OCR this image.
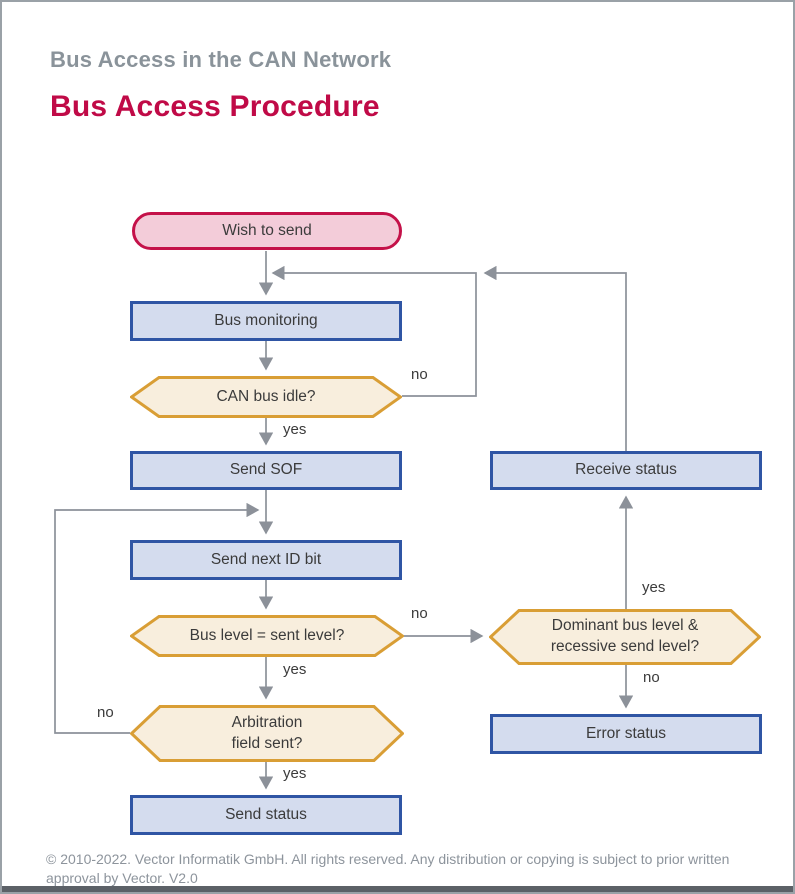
Bus Access in the CAN Network
Bus Access Procedure
Wish to send
Bus monitoring
CAN bus idle?
Send SOF
Send next ID bit
Bus level = sent level?
Arbitration
field sent?
Send status
Receive status
Dominant bus level &
recessive send level?
Error status
no
yes
no
yes
no
yes
yes
no
© 2010-2022. Vector Informatik GmbH. All rights reserved. Any distribution or copying is subject to prior written approval by Vector. V2.0
